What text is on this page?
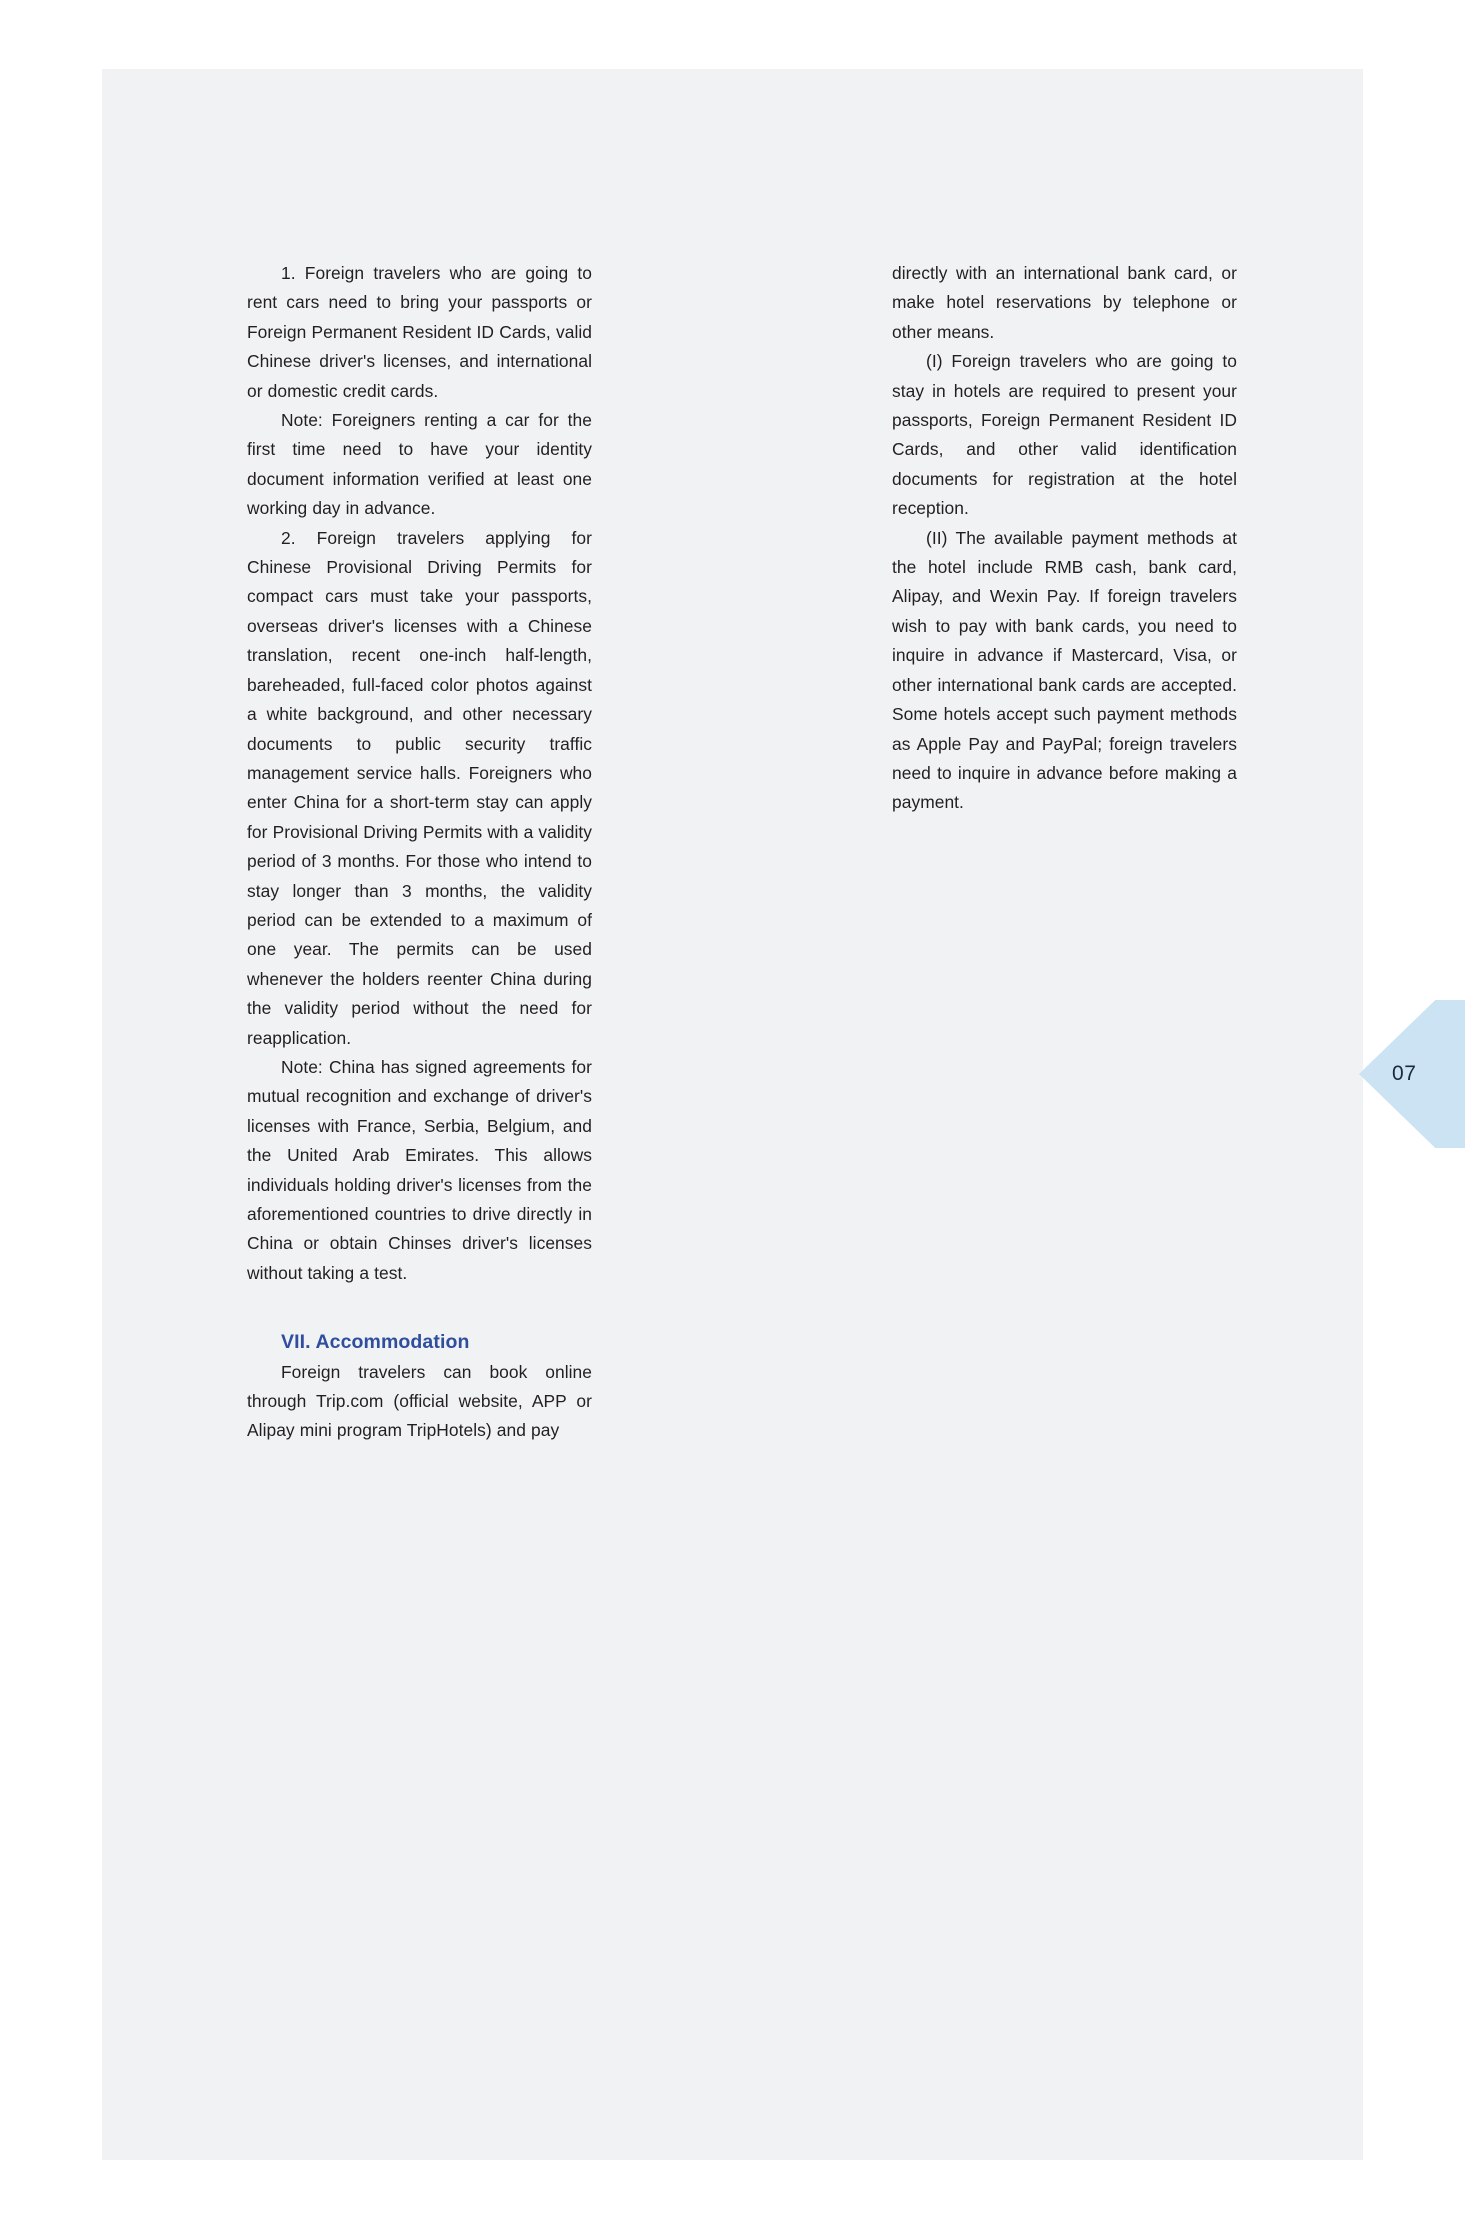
1. Foreign travelers who are going to rent cars need to bring your passports or Foreign Permanent Resident ID Cards, valid Chinese driver's licenses, and international or domestic credit cards.

Note: Foreigners renting a car for the first time need to have your identity document information verified at least one working day in advance.

2. Foreign travelers applying for Chinese Provisional Driving Permits for compact cars must take your passports, overseas driver's licenses with a Chinese translation, recent one-inch half-length, bareheaded, full-faced color photos against a white background, and other necessary documents to public security traffic management service halls. Foreigners who enter China for a short-term stay can apply for Provisional Driving Permits with a validity period of 3 months. For those who intend to stay longer than 3 months, the validity period can be extended to a maximum of one year. The permits can be used whenever the holders reenter China during the validity period without the need for reapplication.

Note: China has signed agreements for mutual recognition and exchange of driver's licenses with France, Serbia, Belgium, and the United Arab Emirates. This allows individuals holding driver's licenses from the aforementioned countries to drive directly in China or obtain Chinses driver's licenses without taking a test.

VII. Accommodation

Foreign travelers can book online through Trip.com (official website, APP or Alipay mini program TripHotels) and pay

directly with an international bank card, or make hotel reservations by telephone or other means.

(I) Foreign travelers who are going to stay in hotels are required to present your passports, Foreign Permanent Resident ID Cards, and other valid identification documents for registration at the hotel reception.

(II) The available payment methods at the hotel include RMB cash, bank card, Alipay, and Wexin Pay. If foreign travelers wish to pay with bank cards, you need to inquire in advance if Mastercard, Visa, or other international bank cards are accepted. Some hotels accept such payment methods as Apple Pay and PayPal; foreign travelers need to inquire in advance before making a payment.

07
